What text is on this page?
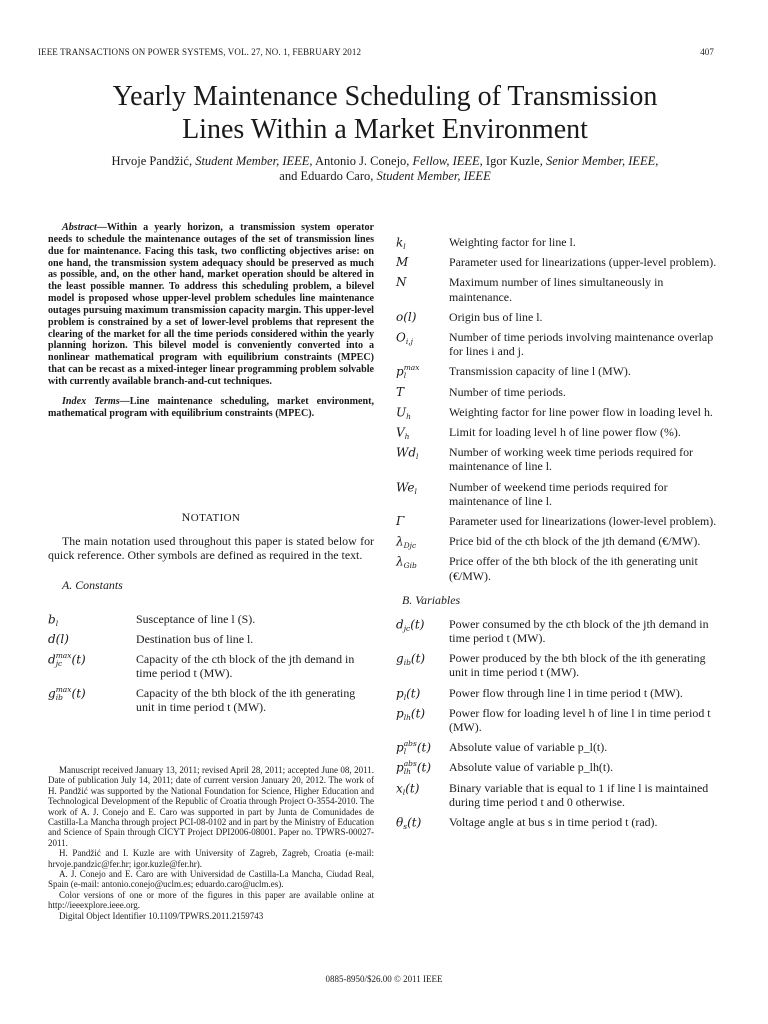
IEEE TRANSACTIONS ON POWER SYSTEMS, VOL. 27, NO. 1, FEBRUARY 2012	407
Yearly Maintenance Scheduling of Transmission
Lines Within a Market Environment
Hrvoje Pandžić, Student Member, IEEE, Antonio J. Conejo, Fellow, IEEE, Igor Kuzle, Senior Member, IEEE,
and Eduardo Caro, Student Member, IEEE

Abstract—Within a yearly horizon, a transmission system operator needs to schedule the maintenance outages of the set of transmission lines due for maintenance. Facing this task, two conflicting objectives arise: on one hand, the transmission system adequacy should be preserved as much as possible, and, on the other hand, market operation should be altered in the least possible manner. To address this scheduling problem, a bilevel model is proposed whose upper-level problem schedules line maintenance outages pursuing maximum transmission capacity margin. This upper-level problem is constrained by a set of lower-level problems that represent the clearing of the market for all the time periods considered within the yearly planning horizon. This bilevel model is conveniently converted into a nonlinear mathematical program with equilibrium constraints (MPEC) that can be recast as a mixed-integer linear programming problem solvable with currently available branch-and-cut techniques.

Index Terms—Line maintenance scheduling, market environment, mathematical program with equilibrium constraints (MPEC).

NOTATION

The main notation used throughout this paper is stated below for quick reference. Other symbols are defined as required in the text.

A. Constants
b
l	Susceptance of line l (S).
d(l)	Destination bus of line l.
d max
jc (t)	Capacity of the cth block of the jth demand in time period t (MW).
g max
ib (t)	Capacity of the bth block of the ith generating unit in time period t (MW).

Manuscript received January 13, 2011; revised April 28, 2011; accepted June 08, 2011. Date of publication July 14, 2011; date of current version January 20, 2012. The work of H. Pandžić was supported by the National Foundation for Science, Higher Education and Technological Development of the Republic of Croatia through Project O-3554-2010. The work of A. J. Conejo and E. Caro was supported in part by Junta de Comunidades de Castilla-La Mancha through project PCI-08-0102 and in part by the Ministry of Education and Science of Spain through CICYT Project DPI2006-08001. Paper no. TPWRS-00027-2011.

H. Pandžić and I. Kuzle are with University of Zagreb, Zagreb, Croatia (e-mail: hrvoje.pandzic@fer.hr; igor.kuzle@fer.hr).

A. J. Conejo and E. Caro are with Universidad de Castilla-La Mancha, Ciudad Real, Spain (e-mail: antonio.conejo@uclm.es; eduardo.caro@uclm.es).

Color versions of one or more of the figures in this paper are available online at http://ieeexplore.ieee.org.

Digital Object Identifier 10.1109/TPWRS.2011.2159743

k
l	Weighting factor for line l.
M	Parameter used for linearizations (upper-level problem).
N	Maximum number of lines simultaneously in maintenance.
o(l)	Origin bus of line l.
O
i,j	Number of time periods involving maintenance overlap for lines i and j.
p max
l	Transmission capacity of line l (MW).
T	Number of time periods.
U
h	Weighting factor for line power flow in loading level h.
V
h	Limit for loading level h of line power flow (%).
Wd
l	Number of working week time periods required for maintenance of line l.
We
l	Number of weekend time periods required for maintenance of line l.
Γ	Parameter used for linearizations (lower-level problem).
λ
Djc	Price bid of the cth block of the jth demand (€/MW).
λ
Gib	Price offer of the bth block of the ith generating unit (€/MW).
B. Variables
d
jc (t) Power consumed by the cth block of the jth demand in time period t (MW).
g
ib (t) Power produced by the bth block of the ith generating unit in time period t (MW).
p
l (t) Power flow through line l in time period t (MW).
p
lh (t) Power flow for loading level h of line l in time period t (MW).
p abs
l (t) Absolute value of variable p_l(t).
p abs
lh (t) Absolute value of variable p_lh(t).
x
l (t) Binary variable that is equal to 1 if line l is maintained during time period t and 0 otherwise.
θ
s (t) Voltage angle at bus s in time period t (rad).
0885-8950/$26.00 © 2011 IEEE
